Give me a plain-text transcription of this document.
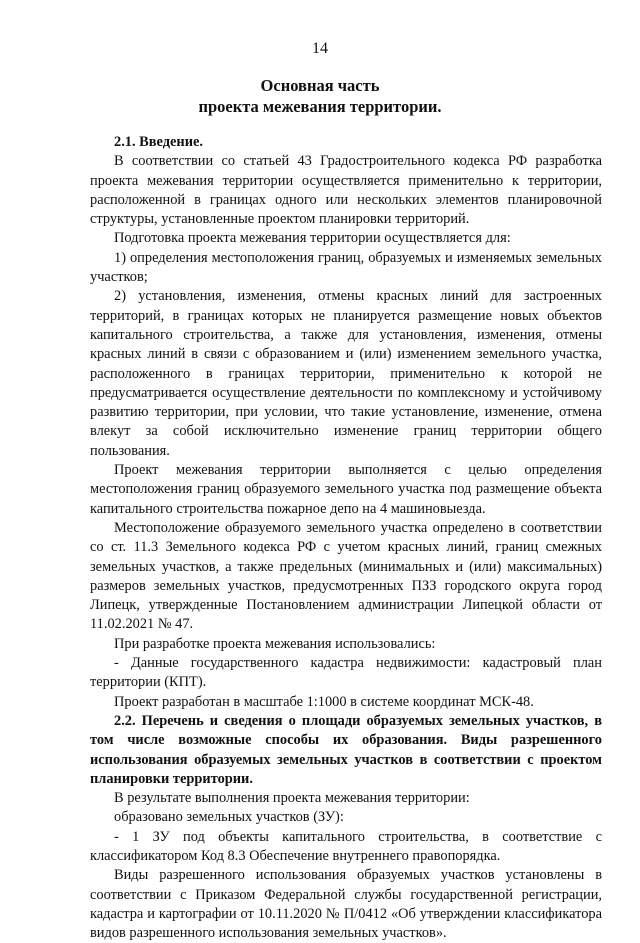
14
Основная часть
проекта межевания территории.

2.1. Введение.

В соответствии со статьей 43 Градостроительного кодекса РФ разработка проекта межевания территории осуществляется применительно к территории, расположенной в границах одного или нескольких элементов планировочной структуры, установленные проектом планировки территорий.

Подготовка проекта межевания территории осуществляется для:

1) определения местоположения границ, образуемых и изменяемых земельных участков;

2) установления, изменения, отмены красных линий для застроенных территорий, в границах которых не планируется размещение новых объектов капитального строительства, а также для установления, изменения, отмены красных линий в связи с образованием и (или) изменением земельного участка, расположенного в границах территории, применительно к которой не предусматривается осуществление деятельности по комплексному и устойчивому развитию территории, при условии, что такие установление, изменение, отмена влекут за собой исключительно изменение границ территории общего пользования.

Проект межевания территории выполняется с целью определения местоположения границ образуемого земельного участка под размещение объекта капитального строительства пожарное депо на 4 машиновыезда.

Местоположение образуемого земельного участка определено в соответствии со ст. 11.3 Земельного кодекса РФ с учетом красных линий, границ смежных земельных участков, а также предельных (минимальных и (или) максимальных) размеров земельных участков, предусмотренных ПЗЗ городского округа город Липецк, утвержденные Постановлением администрации Липецкой области от 11.02.2021 № 47.

При разработке проекта межевания использовались:

- Данные государственного кадастра недвижимости: кадастровый план территории (КПТ).

Проект разработан в масштабе 1:1000 в системе координат МСК-48.

2.2. Перечень и сведения о площади образуемых земельных участков, в том числе возможные способы их образования. Виды разрешенного использования образуемых земельных участков в соответствии с проектом планировки территории.

В результате выполнения проекта межевания территории:

образовано земельных участков (ЗУ):

- 1 ЗУ под объекты капитального строительства, в соответствие с классификатором Код 8.3 Обеспечение внутреннего правопорядка.

Виды разрешенного использования образуемых участков установлены в соответствии с Приказом Федеральной службы государственной регистрации, кадастра и картографии от 10.11.2020 № П/0412 «Об утверждении классификатора видов разрешенного использования земельных участков».
